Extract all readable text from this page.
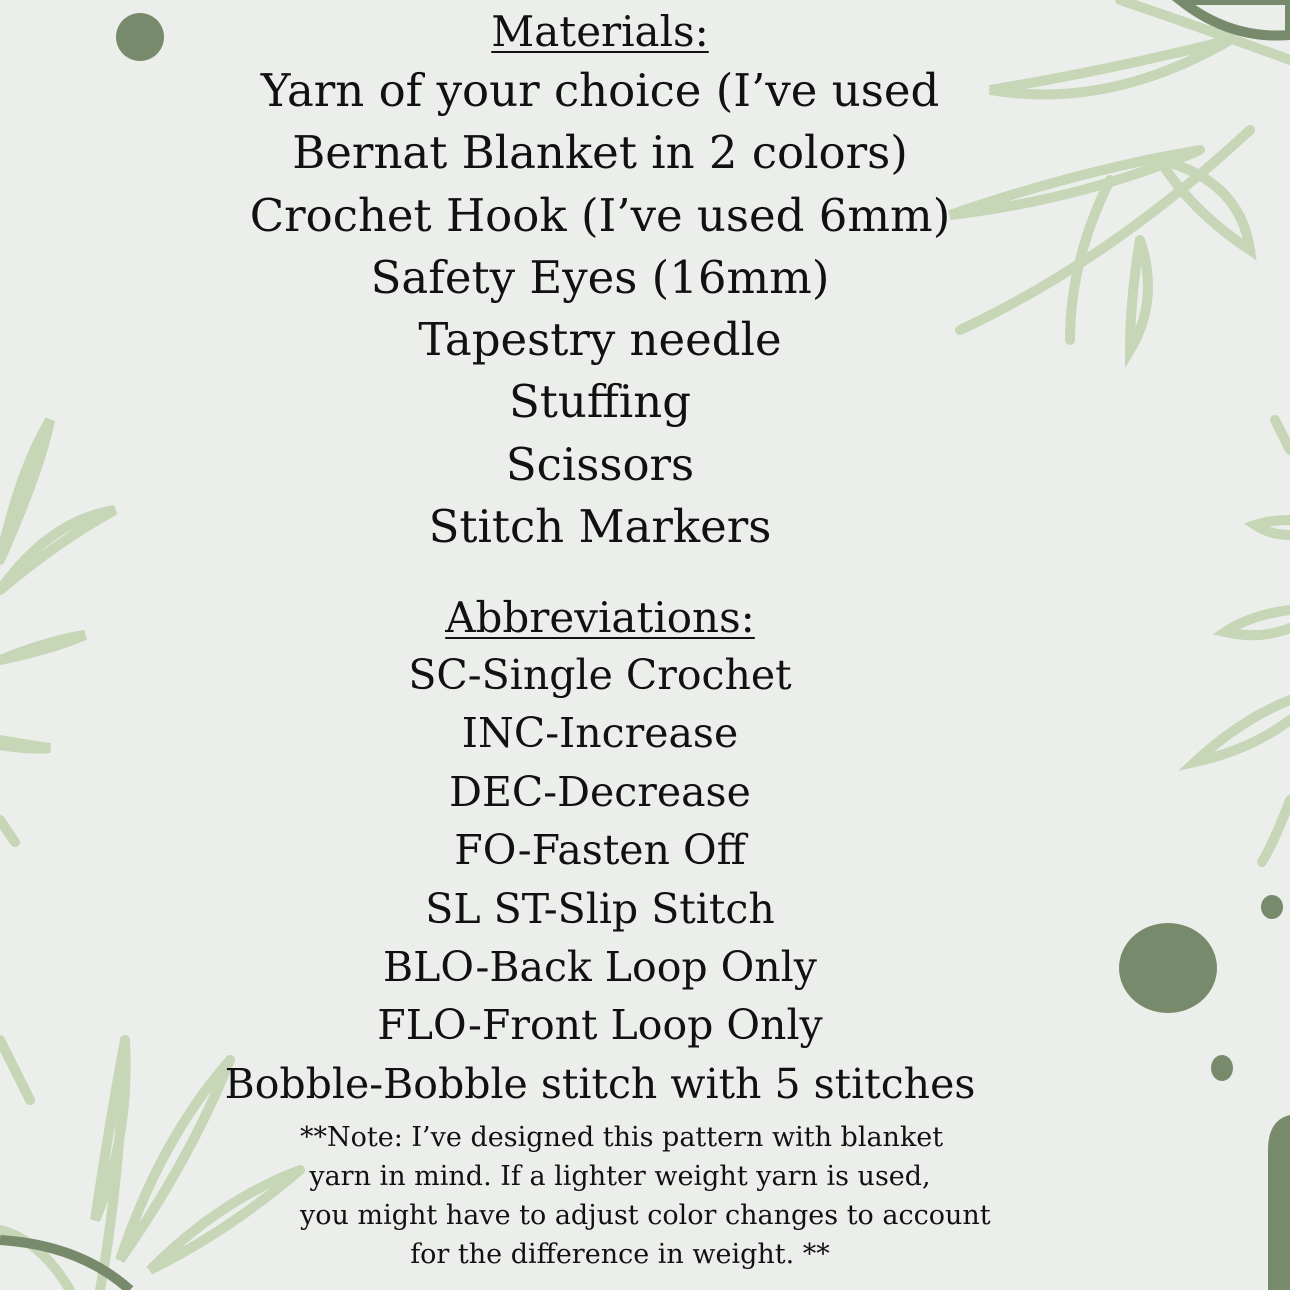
Materials:
Yarn of your choice (I’ve used
Bernat Blanket in 2 colors)
Crochet Hook (I’ve used 6mm)
Safety Eyes (16mm)
Tapestry needle
Stuffing
Scissors
Stitch Markers
Abbreviations:
SC-Single Crochet
INC-Increase
DEC-Decrease
FO-Fasten Off
SL ST-Slip Stitch
BLO-Back Loop Only
FLO-Front Loop Only
Bobble-Bobble stitch with 5 stitches
**Note: I’ve designed this pattern with blanket
yarn in mind. If a lighter weight yarn is used,
you might have to adjust color changes to account
for the difference in weight. **
